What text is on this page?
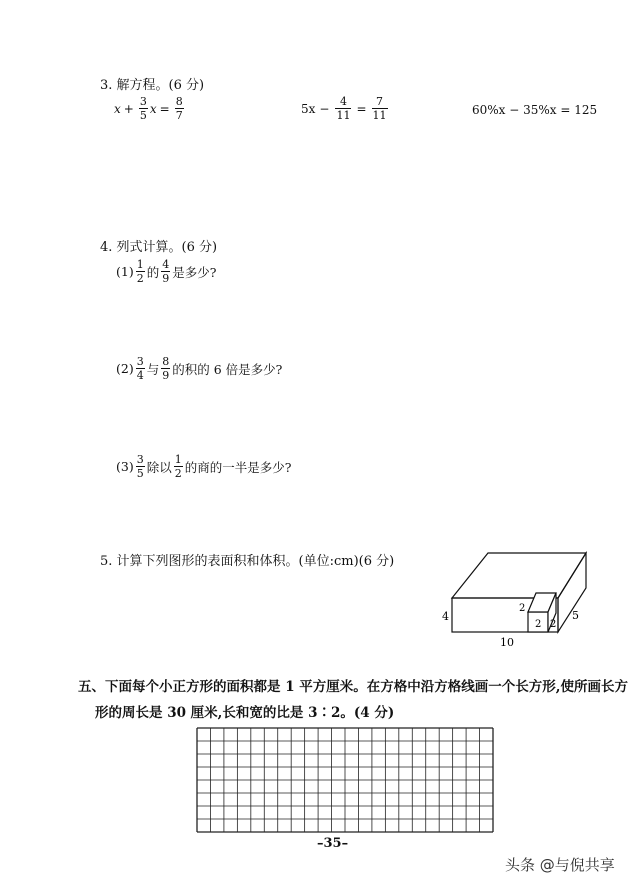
3. 解方程。(6 分)
$x + \frac{3}{5}$ $x = \frac{8}{7}$	$5x - \frac{4}{11} = \frac{7}{11}$	60%x − 35%x = 125
4. 列式计算。(6 分)
$(1) \frac{1}{2}$ 的 $\frac{4}{9}$ 是多少?
$(2) \frac{3}{4}$ 与 $\frac{8}{9}$ 的积的 6 倍是多少?
$(3) \frac{3}{5}$ 除以 $\frac{1}{2}$ 的商的一半是多少?
5. 计算下列图形的表面积和体积。(单位:cm)(6 分)
4
10
5
2
2 2
五、下面每个小正方形的面积都是 1 平方厘米。在方格中沿方格线画一个长方形,使所画长方
形的周长是 30 厘米,长和宽的比是 3∶2。(4 分)
–35–
头条 @与倪共享
